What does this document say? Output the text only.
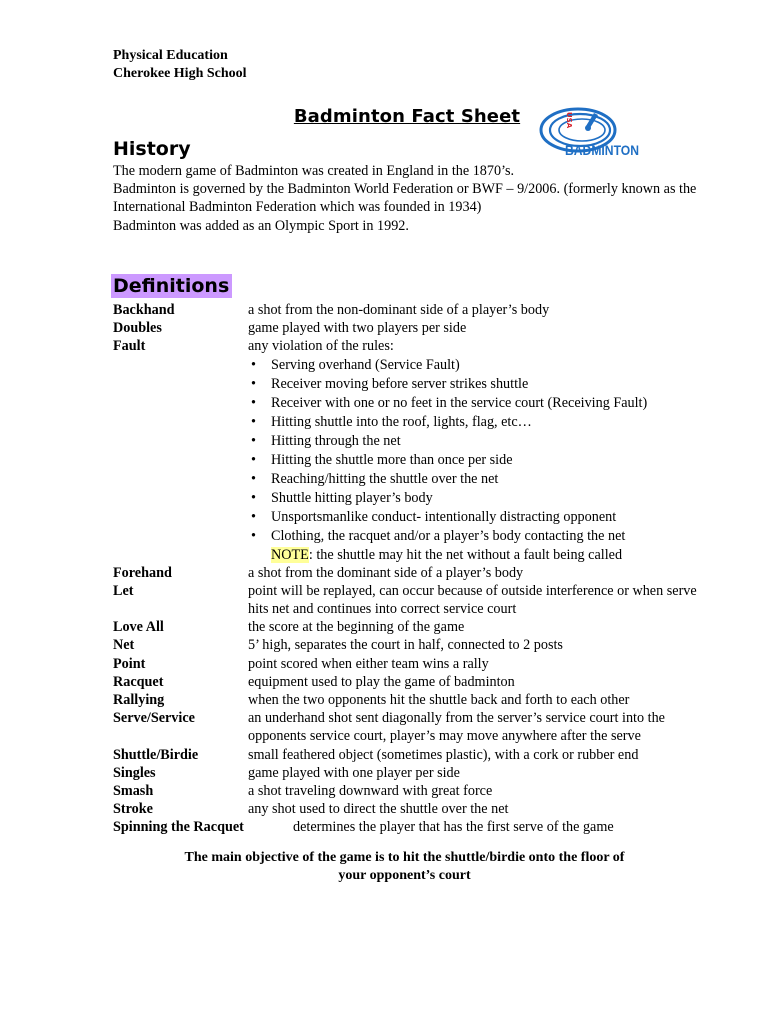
Physical Education
Cherokee High School
Badminton Fact Sheet	USA
BADMINTON
History

The modern game of Badminton was created in England in the 1870’s.

Badminton is governed by the Badminton World Federation or BWF – 9/2006. (formerly known as the International Badminton Federation which was founded in 1934)

Badminton was added as an Olympic Sport in 1992.

Definitions
Backhand	a shot from the non-dominant side of a player’s body
Doubles	game played with two players per side
Fault	any violation of the rules:
• Serving overhand (Service Fault)
• Receiver moving before server strikes shuttle
• Receiver with one or no feet in the service court (Receiving Fault)
• Hitting shuttle into the roof, lights, flag, etc…
• Hitting through the net
• Hitting the shuttle more than once per side
• Reaching/hitting the shuttle over the net
• Shuttle hitting player’s body
• Unsportsmanlike conduct- intentionally distracting opponent
• Clothing, the racquet and/or a player’s body contacting the net
NOTE: the shuttle may hit the net without a fault being called
Forehand	a shot from the dominant side of a player’s body
Let	point will be replayed, can occur because of outside interference or when serve hits net and continues into correct service court
Love All	the score at the beginning of the game
Net	5’ high, separates the court in half, connected to 2 posts
Point	point scored when either team wins a rally
Racquet	equipment used to play the game of badminton
Rallying	when the two opponents hit the shuttle back and forth to each other
Serve/Service	an underhand shot sent diagonally from the server’s service court into the opponents service court, player’s may move anywhere after the serve
Shuttle/Birdie	small feathered object (sometimes plastic), with a cork or rubber end
Singles	game played with one player per side
Smash	a shot traveling downward with great force
Stroke	any shot used to direct the shuttle over the net
Spinning the Racquet	determines the player that has the first serve of the game
The main objective of the game is to hit the shuttle/birdie onto the floor of
your opponent’s court
